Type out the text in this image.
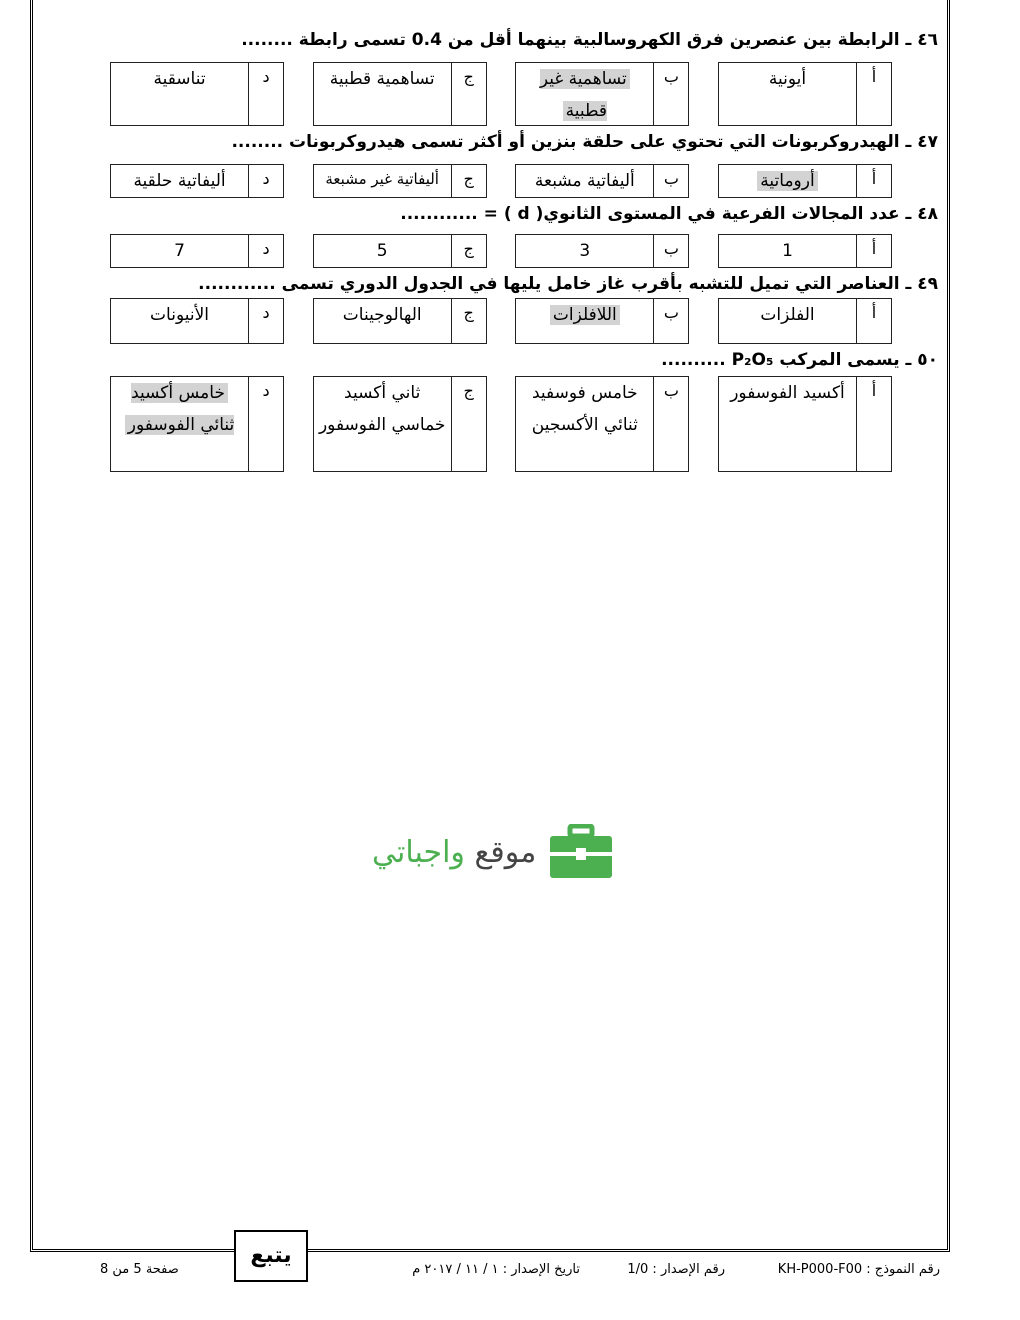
٤٦ ـ الرابطة بين عنصرين فرق الكهروسالبية بينهما أقل من 0.4 تسمى رابطة ........
أ
أيونية
ب
تساهمية غير قطبية
ج
تساهمية قطبية
د
تناسقية
٤٧ ـ الهيدروكربونات التي تحتوي على حلقة بنزين أو أكثر تسمى هيدروكربونات ........
أ
أروماتية
ب
أليفاتية مشبعة
ج
أليفاتية غير مشبعة
د
أليفاتية حلقية
٤٨ ـ عدد المجالات الفرعية في المستوى الثانوي( d ) = ............
أ
1
ب
3
ج
5
د
7
٤٩ ـ العناصر التي تميل للتشبه بأقرب غاز خامل يليها في الجدول الدوري تسمى ............
أ
الفلزات
ب
اللافلزات
ج
الهالوجينات
د
الأنيونات
٥٠ ـ يسمى المركب P₂O₅ ..........
أ
أكسيد الفوسفور
ب
خامس فوسفيد ثنائي الأكسجين
ج
ثاني أكسيد خماسي الفوسفور
د
خامس أكسيد ثنائي الفوسفور
موقع واجباتي
يتبع
رقم النموذج : KH-P000-F00
رقم الإصدار : 1/0
تاريخ الإصدار : ١ / ١١ / ٢٠١٧ م
صفحة 5 من 8
